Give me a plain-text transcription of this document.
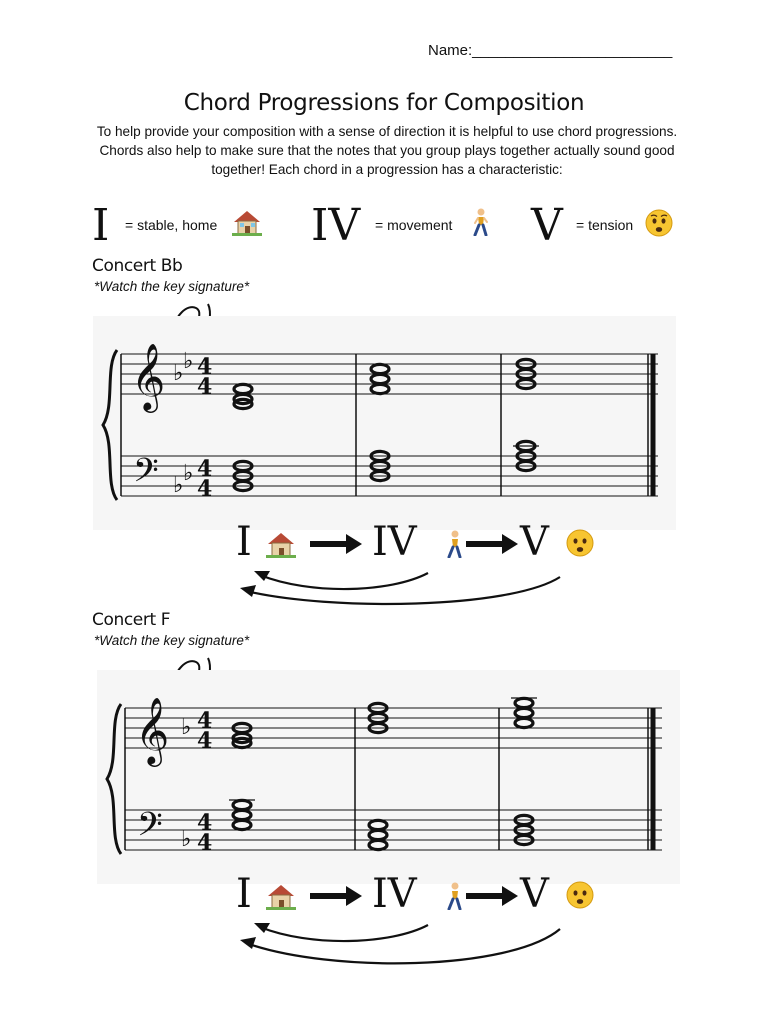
Name:________________________
Chord Progressions for Composition
To help provide your composition with a sense of direction it is helpful to use chord progressions. Chords also help to make sure that the notes that you group plays together actually sound good together! Each chord in a progression has a characteristic:
I = stable, home IV = movement V = tension
Concert Bb
*Watch the key signature*
𝄞
𝄢
♭ ♭
♭ ♭
4
4
4
4
I	IV	V
Concert F
*Watch the key signature*
𝄞
𝄢
♭
♭
4
4
4
4
I	IV	V
